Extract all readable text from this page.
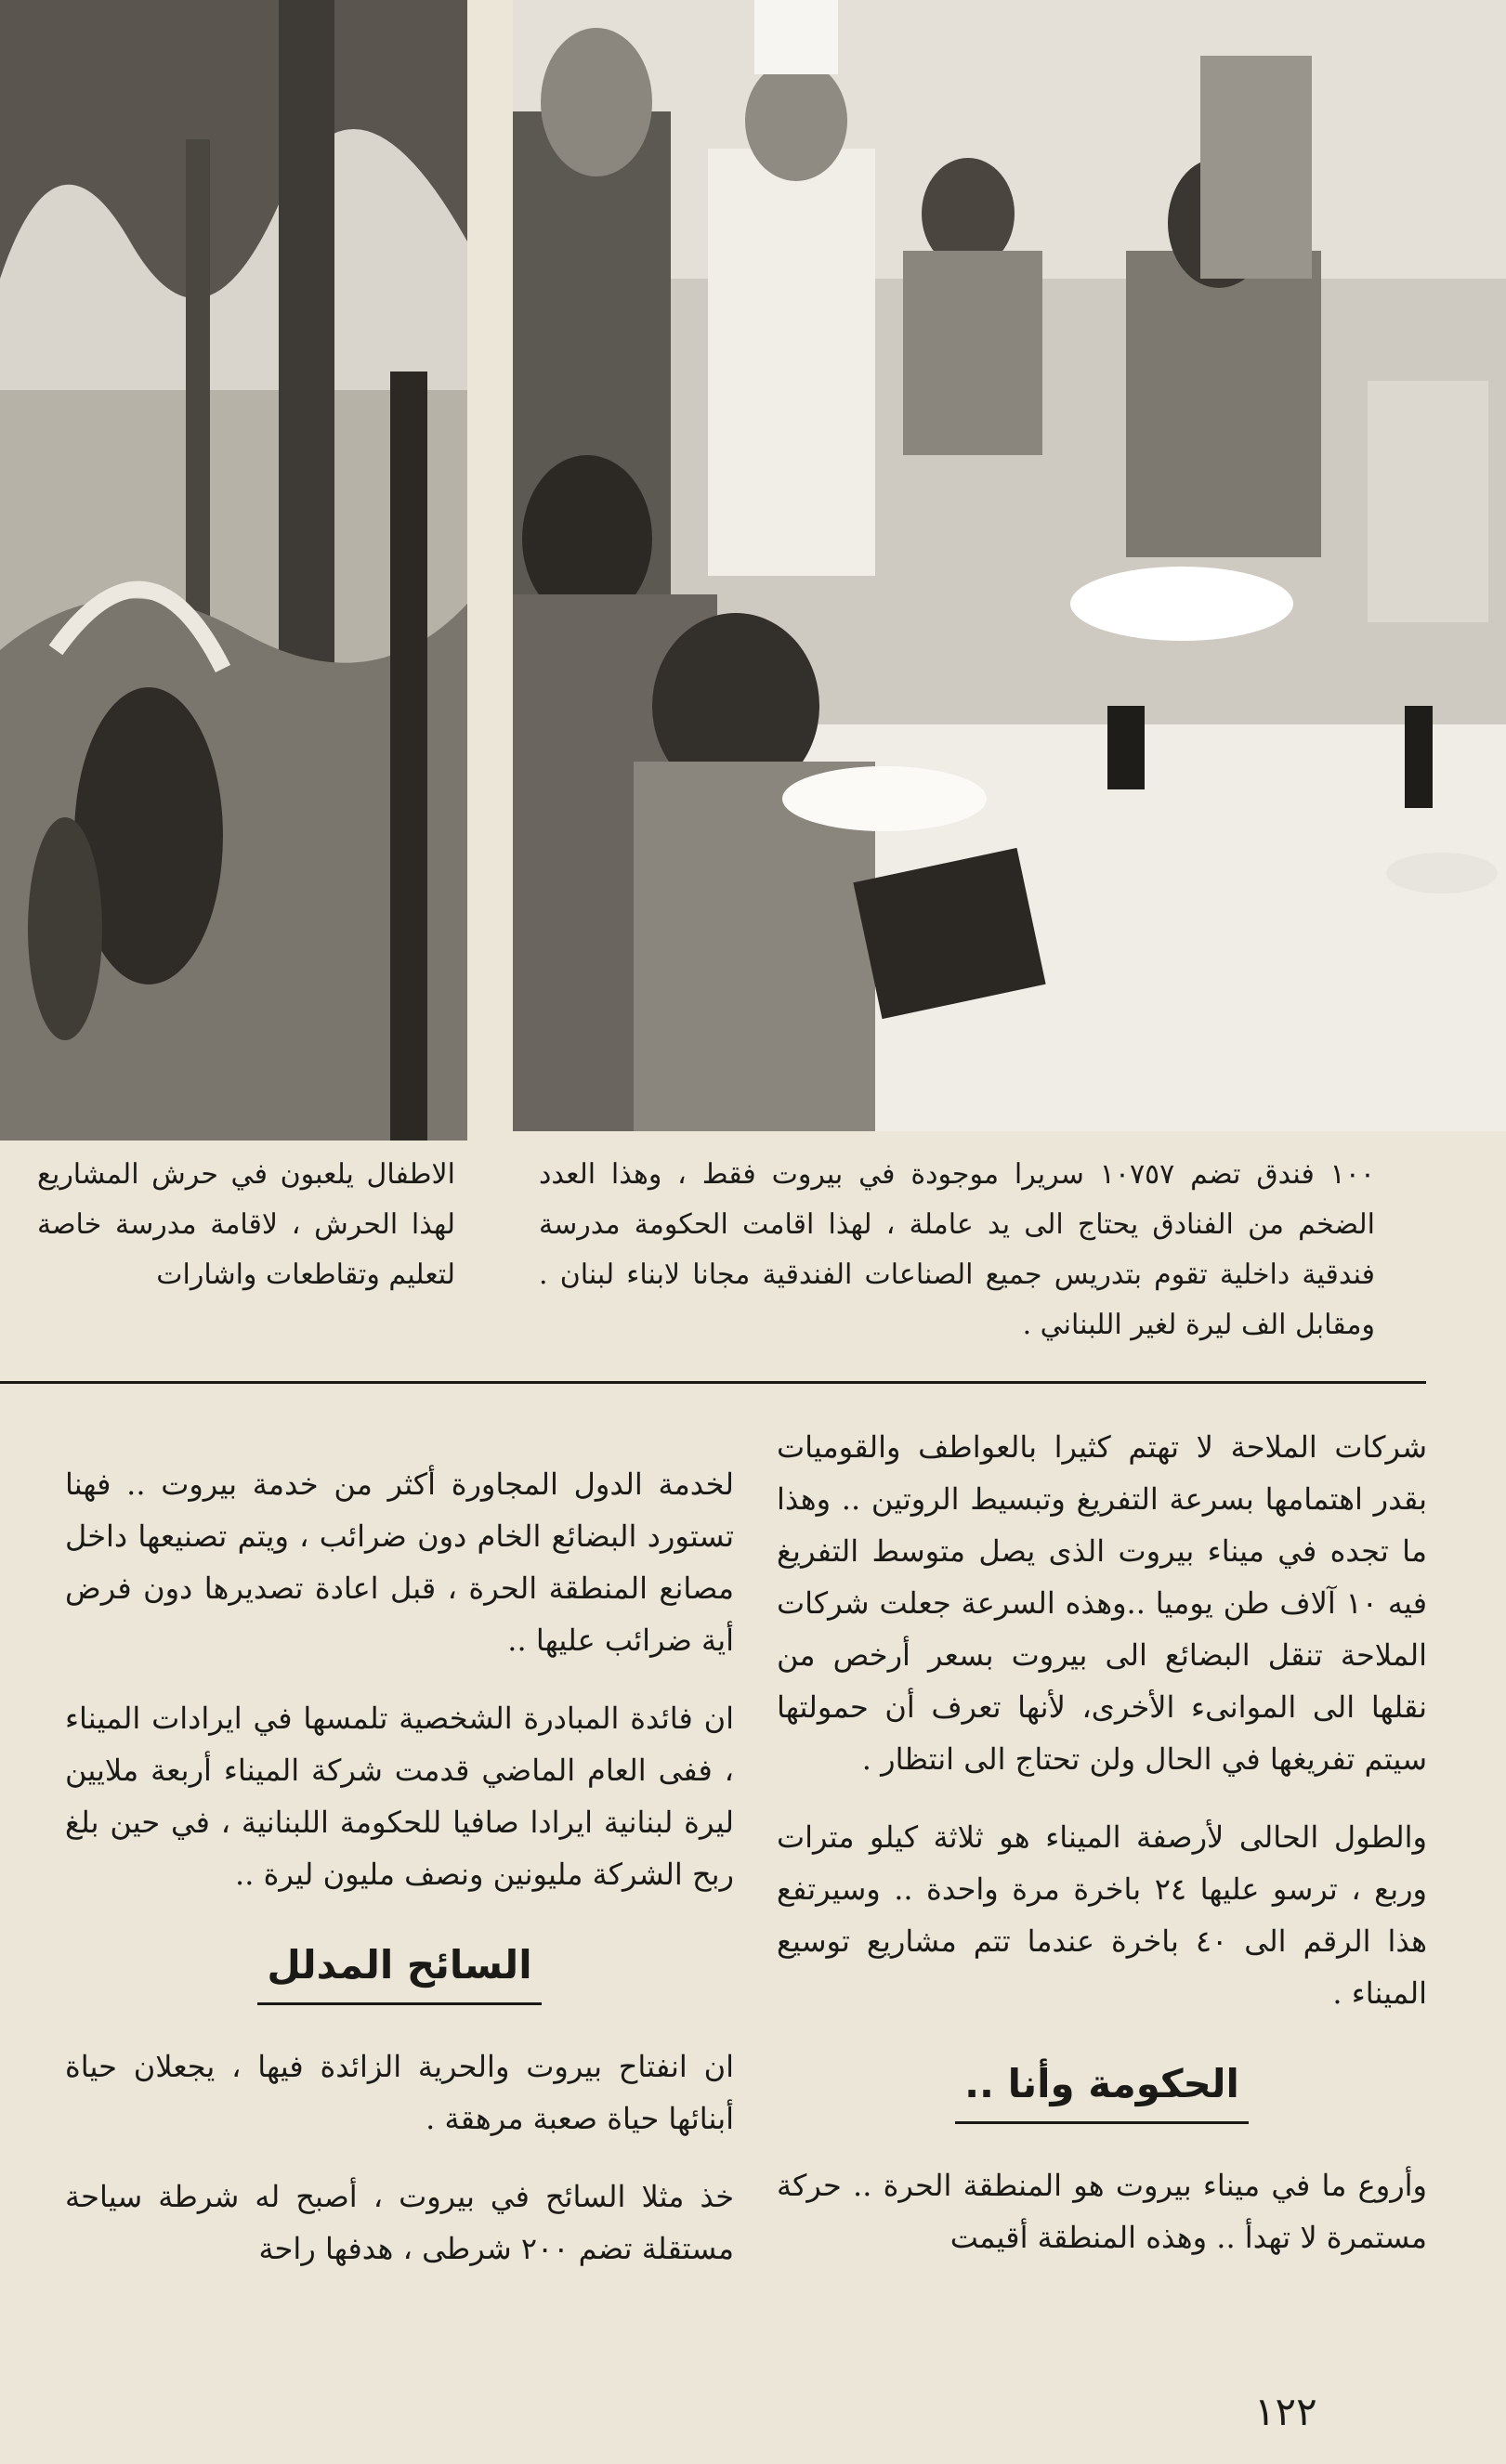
١٠٠ فندق تضم ١٠٧٥٧ سريرا موجودة في بيروت فقط ، وهذا العدد الضخم من الفنادق يحتاج الى يد عاملة ، لهذا اقامت الحكومة مدرسة فندقية داخلية تقوم بتدريس جميع الصناعات الفندقية مجانا لابناء لبنان . ومقابل الف ليرة لغير اللبناني .
الاطفال يلعبون في حرش المشاريع لهذا الحرش ، لاقامة مدرسة خاصة لتعليم وتقاطعات واشارات

شركات الملاحة لا تهتم كثيرا بالعواطف والقوميات بقدر اهتمامها بسرعة التفريغ وتبسيط الروتين .. وهذا ما تجده في ميناء بيروت الذى يصل متوسط التفريغ فيه ١٠ آلاف طن يوميا ..وهذه السرعة جعلت شركات الملاحة تنقل البضائع الى بيروت بسعر أرخص من نقلها الى الموانىء الأخرى، لأنها تعرف أن حمولتها سيتم تفريغها في الحال ولن تحتاج الى انتظار .

والطول الحالى لأرصفة الميناء هو ثلاثة كيلو مترات وربع ، ترسو عليها ٢٤ باخرة مرة واحدة .. وسيرتفع هذا الرقم الى ٤٠ باخرة عندما تتم مشاريع توسيع الميناء .

الحكومة وأنا ..

وأروع ما في ميناء بيروت هو المنطقة الحرة .. حركة مستمرة لا تهدأ .. وهذه المنطقة أقيمت

لخدمة الدول المجاورة أكثر من خدمة بيروت .. فهنا تستورد البضائع الخام دون ضرائب ، ويتم تصنيعها داخل مصانع المنطقة الحرة ، قبل اعادة تصديرها دون فرض أية ضرائب عليها ..

ان فائدة المبادرة الشخصية تلمسها في ايرادات الميناء ، ففى العام الماضي قدمت شركة الميناء أربعة ملايين ليرة لبنانية ايرادا صافيا للحكومة اللبنانية ، في حين بلغ ربح الشركة مليونين ونصف مليون ليرة ..

السائح المدلل

ان انفتاح بيروت والحرية الزائدة فيها ، يجعلان حياة أبنائها حياة صعبة مرهقة .

خذ مثلا السائح في بيروت ، أصبح له شرطة سياحة مستقلة تضم ٢٠٠ شرطى ، هدفها راحة

١٢٢
